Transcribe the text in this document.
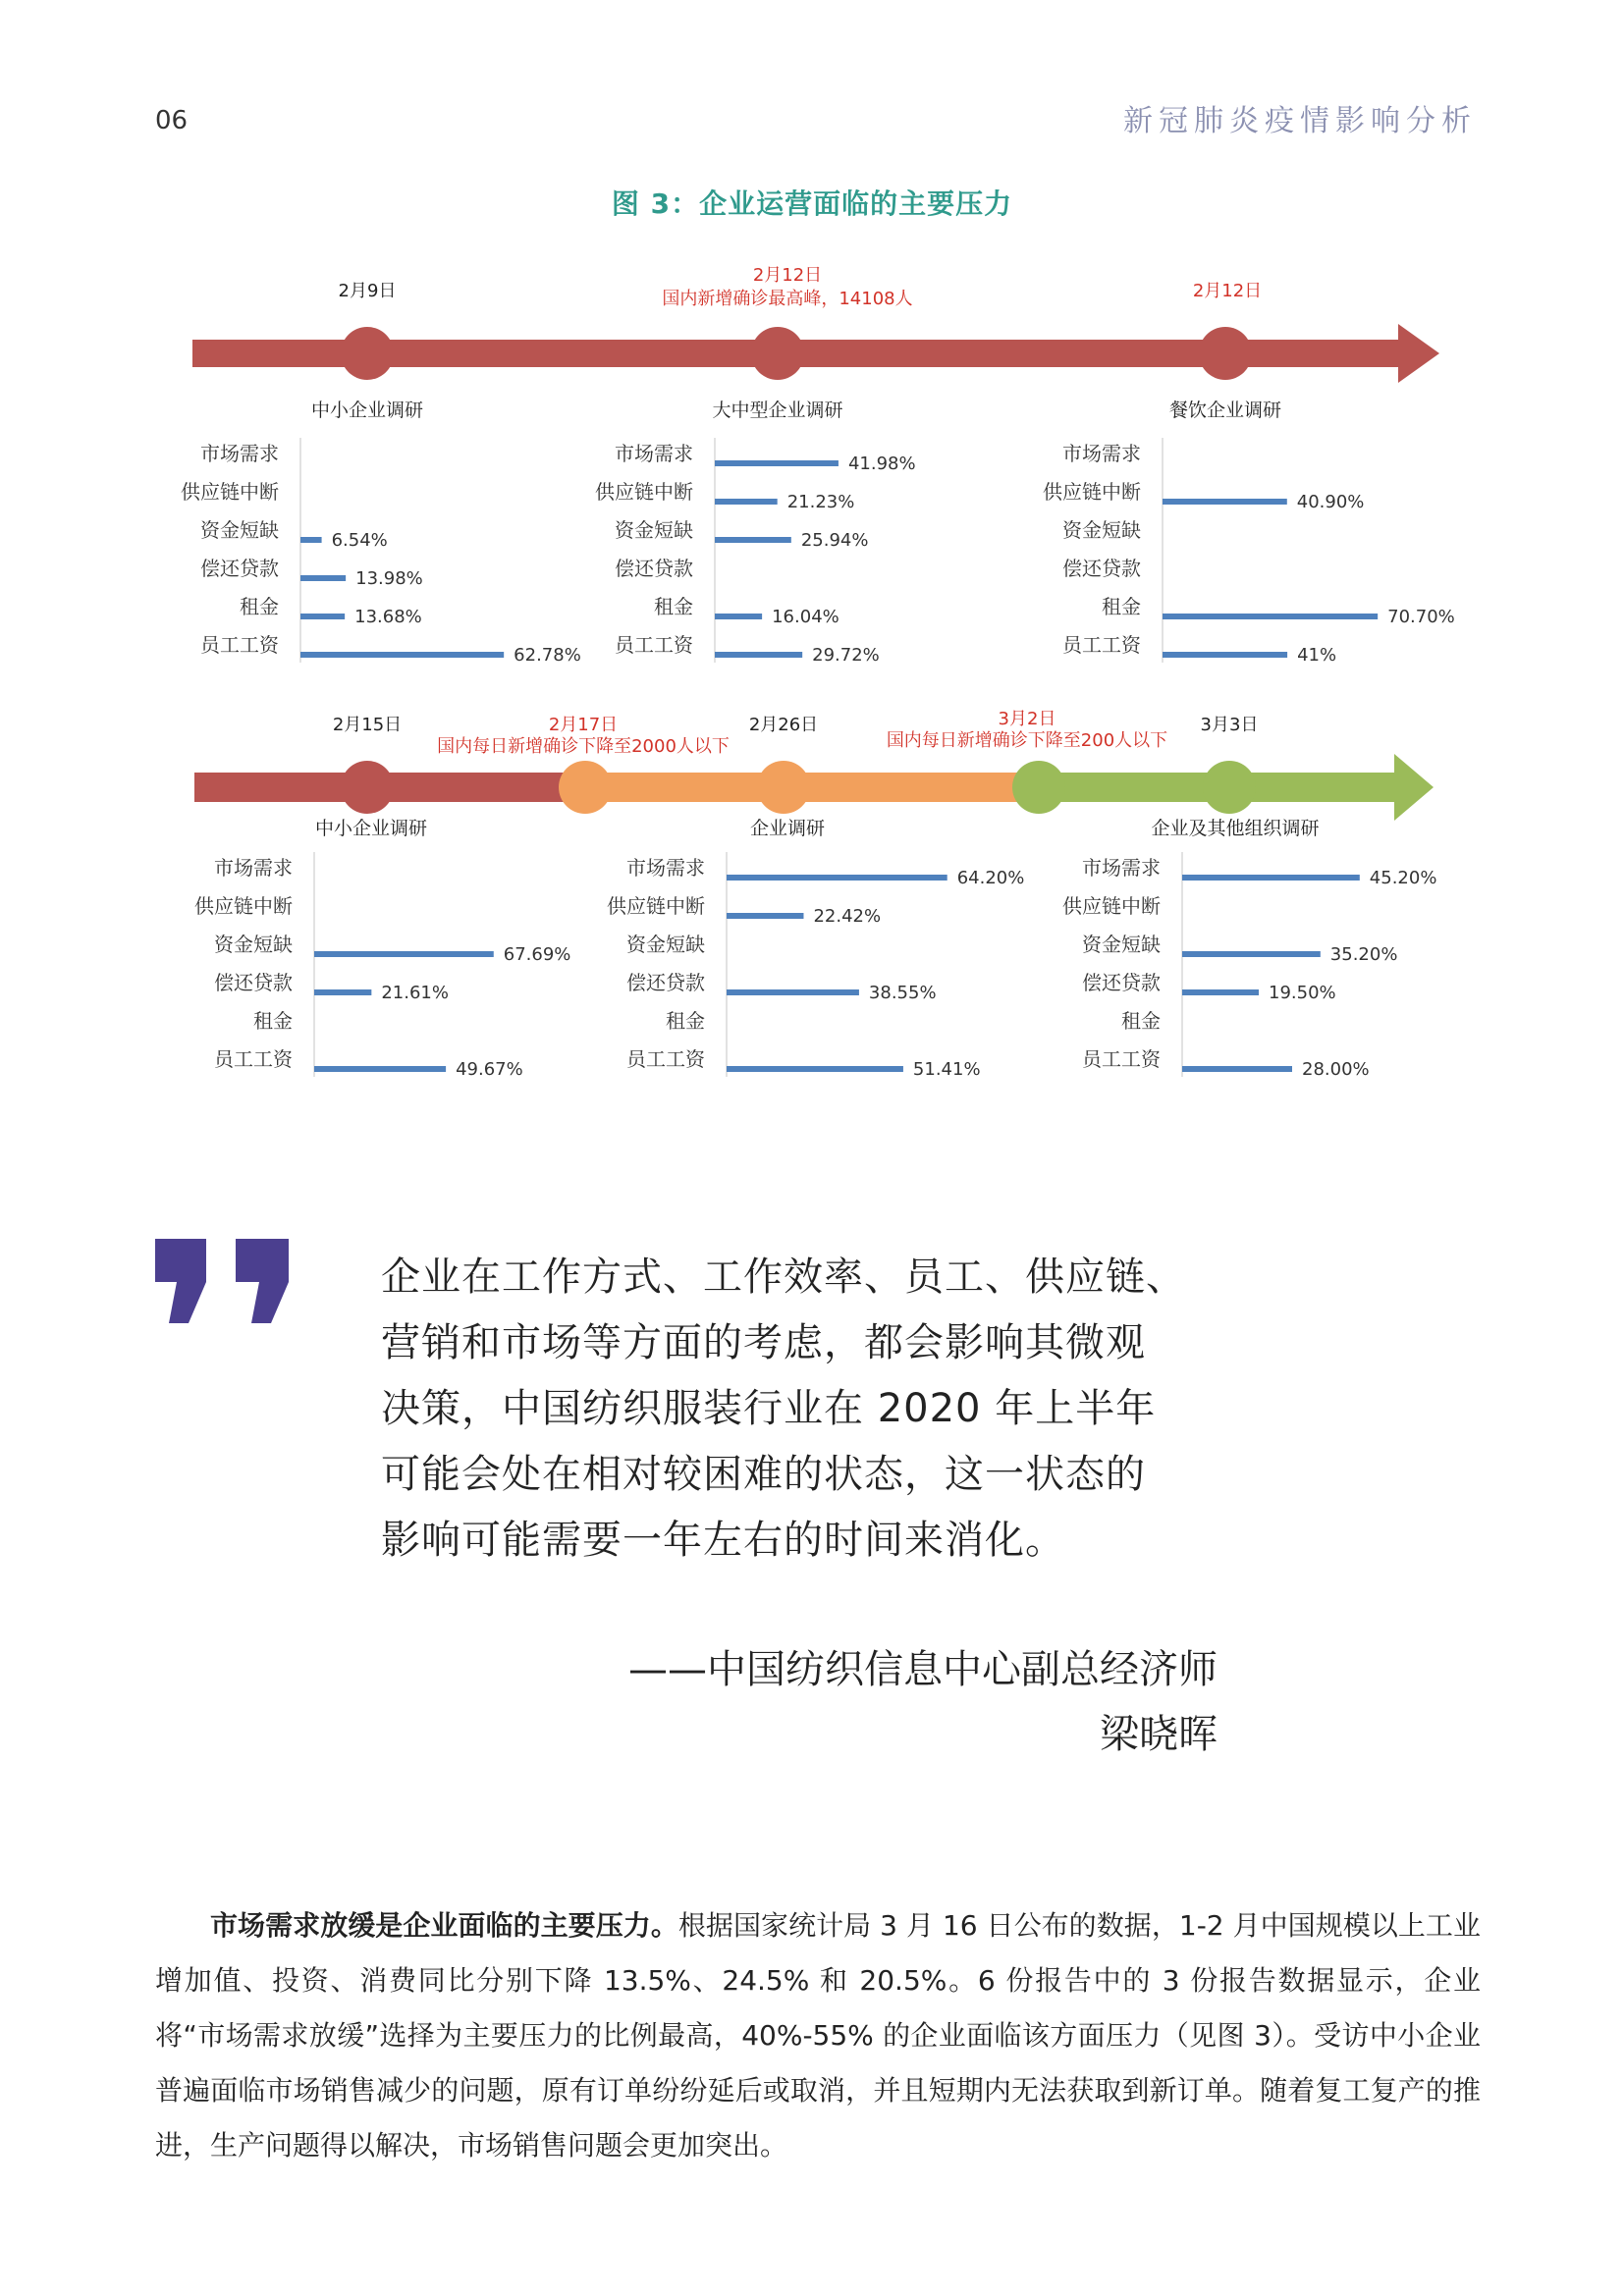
06	新冠肺炎疫情影响分析
图 3：企业运营面临的主要压力
2月9日
2月12日
国内新增确诊最高峰，14108人	2月12日
2月15日	2月17日
国内每日新增确诊下降至2000人以下
2月26日	3月2日
国内每日新增确诊下降至200人以下
3月3日
中小企业调研
市场需求
供应链中断
资金短缺	6.54%
偿还贷款	13.98%
租金	13.68%
员工工资	62.78%
大中型企业调研
市场需求	41.98%
供应链中断	21.23%
资金短缺	25.94%
偿还贷款
租金	16.04%
员工工资	29.72%
餐饮企业调研
市场需求
供应链中断	40.90%
资金短缺
偿还贷款
租金	70.70%
员工工资	41%
中小企业调研
市场需求
供应链中断
资金短缺	67.69%
偿还贷款	21.61%
租金
员工工资	49.67%
企业调研
市场需求	64.20%
供应链中断	22.42%
资金短缺
偿还贷款	38.55%
租金
员工工资	51.41%
企业及其他组织调研
市场需求	45.20%
供应链中断
资金短缺	35.20%
偿还贷款	19.50%
租金
员工工资	28.00%
企业在工作方式、工作效率、员工、供应链、
营销和市场等方面的考虑，都会影响其微观
决策，中国纺织服装行业在 2020 年上半年
可能会处在相对较困难的状态，这一状态的
影响可能需要一年左右的时间来消化。
——中国纺织信息中心副总经济师
梁晓晖

市场需求放缓是企业面临的主要压力。根据国家统计局 3 月 16 日公布的数据，1-2 月中国规模以上工业增加值、投资、消费同比分别下降 13.5%、24.5% 和 20.5%。6 份报告中的 3 份报告数据显示，企业将“市场需求放缓”选择为主要压力的比例最高，40%-55% 的企业面临该方面压力（见图 3）。受访中小企业普遍面临市场销售减少的问题，原有订单纷纷延后或取消，并且短期内无法获取到新订单。随着复工复产的推进，生产问题得以解决，市场销售问题会更加突出。
